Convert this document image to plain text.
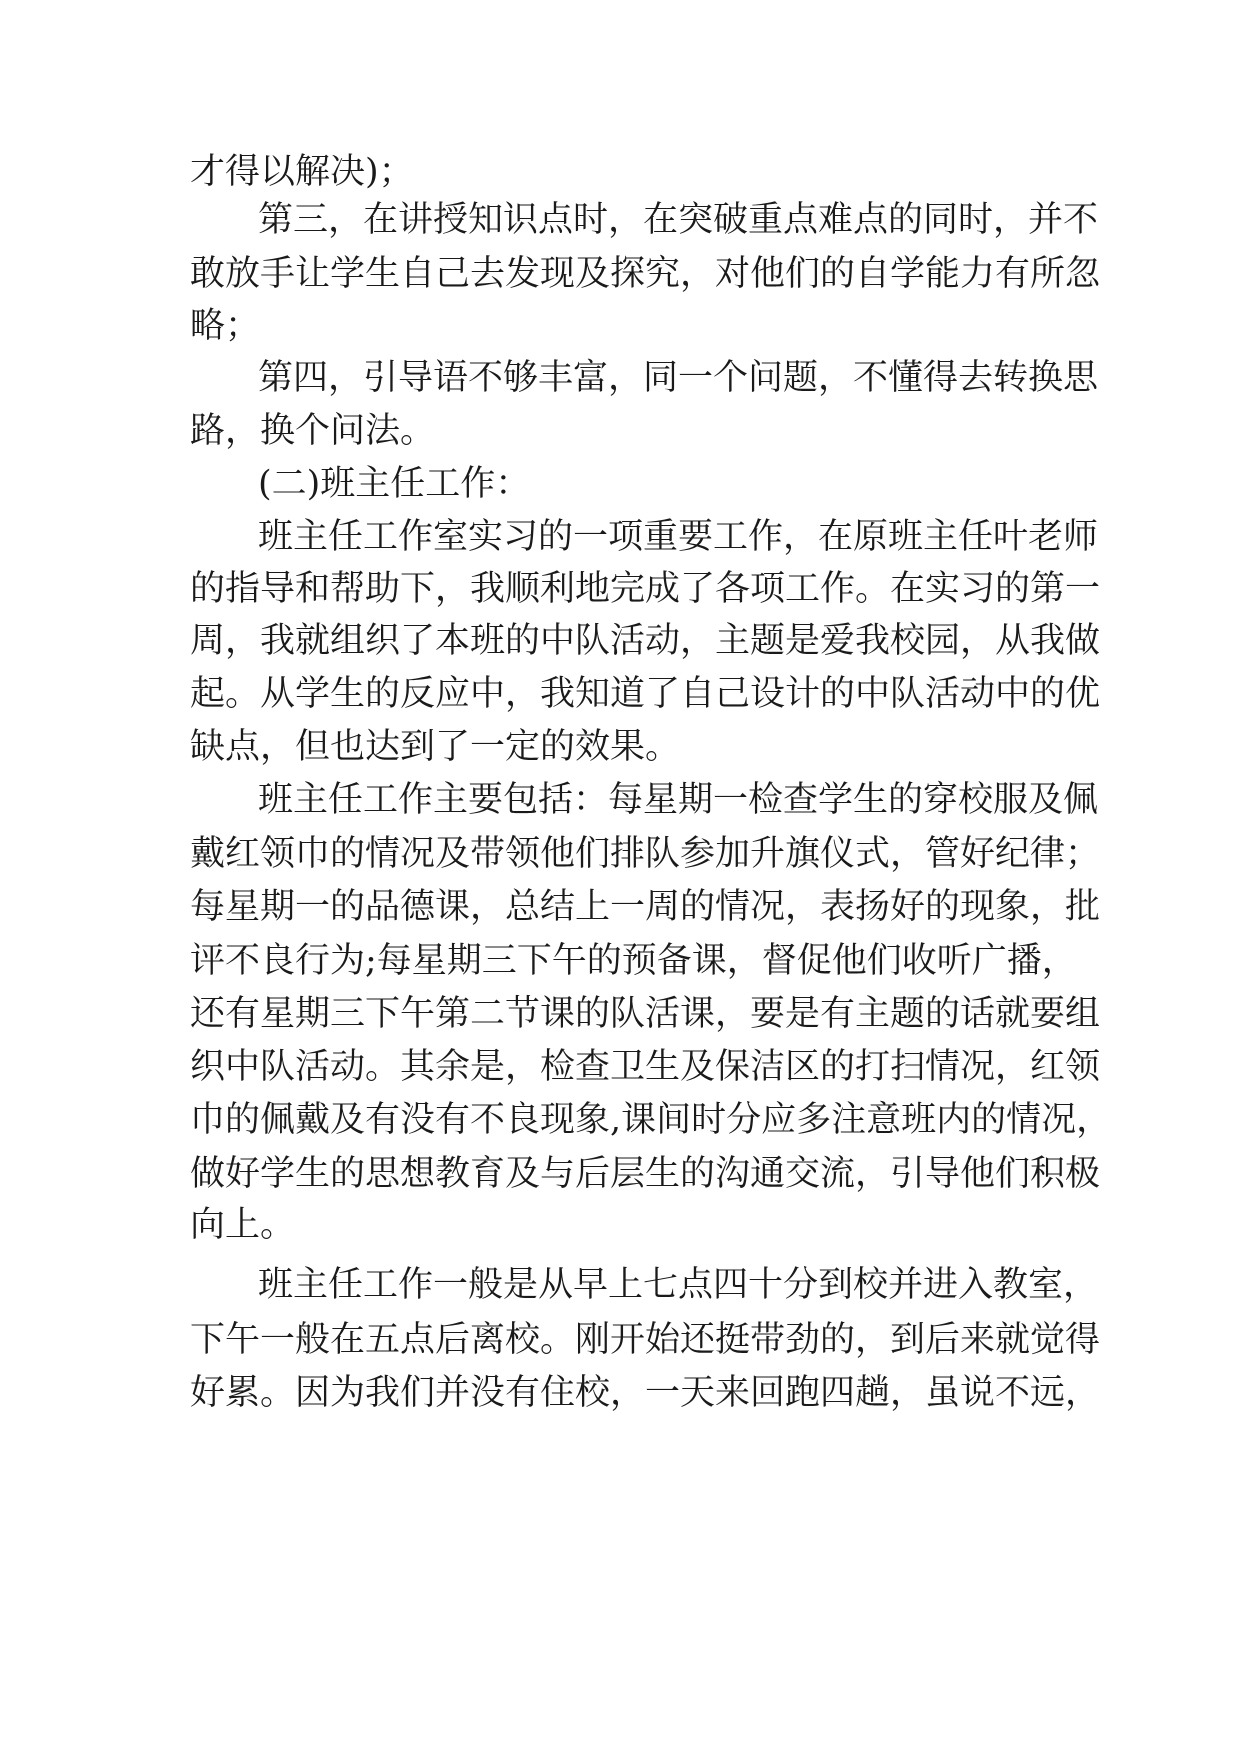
才得以解决)；

第三，在讲授知识点时，在突破重点难点的同时，并不

敢放手让学生自己去发现及探究，对他们的自学能力有所忽

略；

第四，引导语不够丰富，同一个问题，不懂得去转换思

路，换个问法。

(二)班主任工作：

班主任工作室实习的一项重要工作，在原班主任叶老师

的指导和帮助下，我顺利地完成了各项工作。在实习的第一

周，我就组织了本班的中队活动，主题是爱我校园，从我做

起。从学生的反应中，我知道了自己设计的中队活动中的优

缺点，但也达到了一定的效果。

班主任工作主要包括：每星期一检查学生的穿校服及佩

戴红领巾的情况及带领他们排队参加升旗仪式，管好纪律；

每星期一的品德课，总结上一周的情况，表扬好的现象，批

评不良行为;每星期三下午的预备课，督促他们收听广播，

还有星期三下午第二节课的队活课，要是有主题的话就要组

织中队活动。其余是，检查卫生及保洁区的打扫情况，红领

巾的佩戴及有没有不良现象,课间时分应多注意班内的情况，

做好学生的思想教育及与后层生的沟通交流，引导他们积极

向上。

班主任工作一般是从早上七点四十分到校并进入教室，

下午一般在五点后离校。刚开始还挺带劲的，到后来就觉得

好累。因为我们并没有住校，一天来回跑四趟，虽说不远，
